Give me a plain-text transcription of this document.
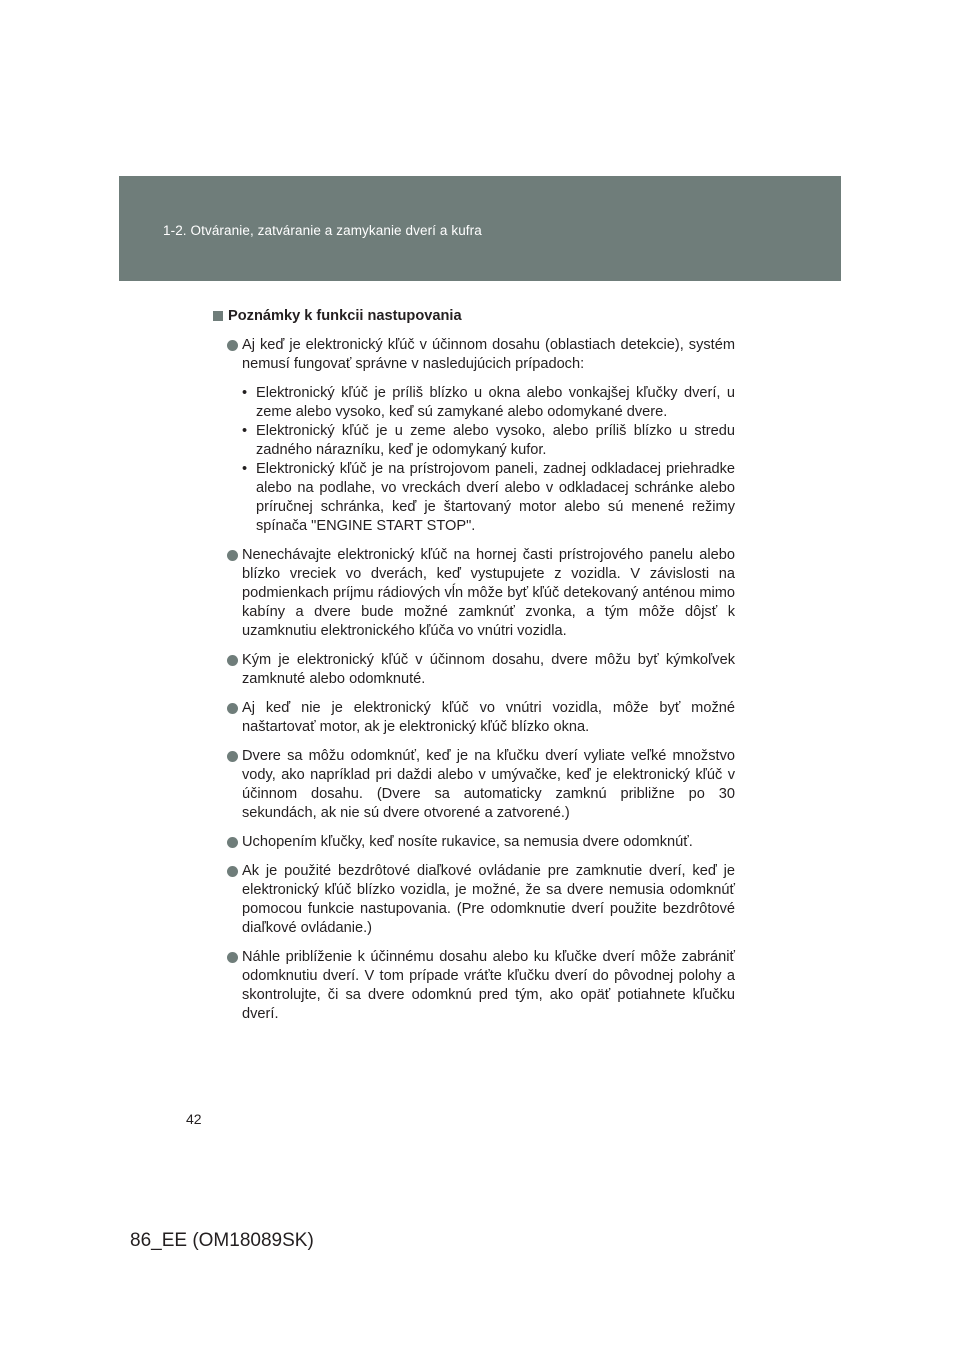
1-2. Otváranie, zatváranie a zamykanie dverí a kufra
Poznámky k funkcii nastupovania
Aj keď je elektronický kľúč v účinnom dosahu (oblastiach detekcie), systém nemusí fungovať správne v nasledujúcich prípadoch:
• Elektronický kľúč je príliš blízko u okna alebo vonkajšej kľučky dverí, u zeme alebo vysoko, keď sú zamykané alebo odomykané dvere.
• Elektronický kľúč je u zeme alebo vysoko, alebo príliš blízko u stredu zadného nárazníku, keď je odomykaný kufor.
• Elektronický kľúč je na prístrojovom paneli, zadnej odkladacej priehradke alebo na podlahe, vo vreckách dverí alebo v odkladacej schránke alebo príručnej schránka, keď je štartovaný motor alebo sú menené režimy spínača "ENGINE START STOP".
Nenechávajte elektronický kľúč na hornej časti prístrojového panelu alebo blízko vreciek vo dverách, keď vystupujete z vozidla. V závislosti na podmienkach príjmu rádiových vĺn môže byť kľúč detekovaný anténou mimo kabíny a dvere bude možné zamknúť zvonka, a tým môže dôjsť k uzamknutiu elektronického kľúča vo vnútri vozidla.
Kým je elektronický kľúč v účinnom dosahu, dvere môžu byť kýmkoľvek zamknuté alebo odomknuté.
Aj keď nie je elektronický kľúč vo vnútri vozidla, môže byť možné naštartovať motor, ak je elektronický kľúč blízko okna.
Dvere sa môžu odomknúť, keď je na kľučku dverí vyliate veľké množstvo vody, ako napríklad pri daždi alebo v umývačke, keď je elektronický kľúč v účinnom dosahu. (Dvere sa automaticky zamknú približne po 30 sekundách, ak nie sú dvere otvorené a zatvorené.)
Uchopením kľučky, keď nosíte rukavice, sa nemusia dvere odomknúť.
Ak je použité bezdrôtové diaľkové ovládanie pre zamknutie dverí, keď je elektronický kľúč blízko vozidla, je možné, že sa dvere nemusia odomknúť pomocou funkcie nastupovania. (Pre odomknutie dverí použite bezdrôtové diaľkové ovládanie.)
Náhle priblíženie k účinnému dosahu alebo ku kľučke dverí môže zabrániť odomknutiu dverí. V tom prípade vráťte kľučku dverí do pôvodnej polohy a skontrolujte, či sa dvere odomknú pred tým, ako opäť potiahnete kľučku dverí.
42
86_EE (OM18089SK)
